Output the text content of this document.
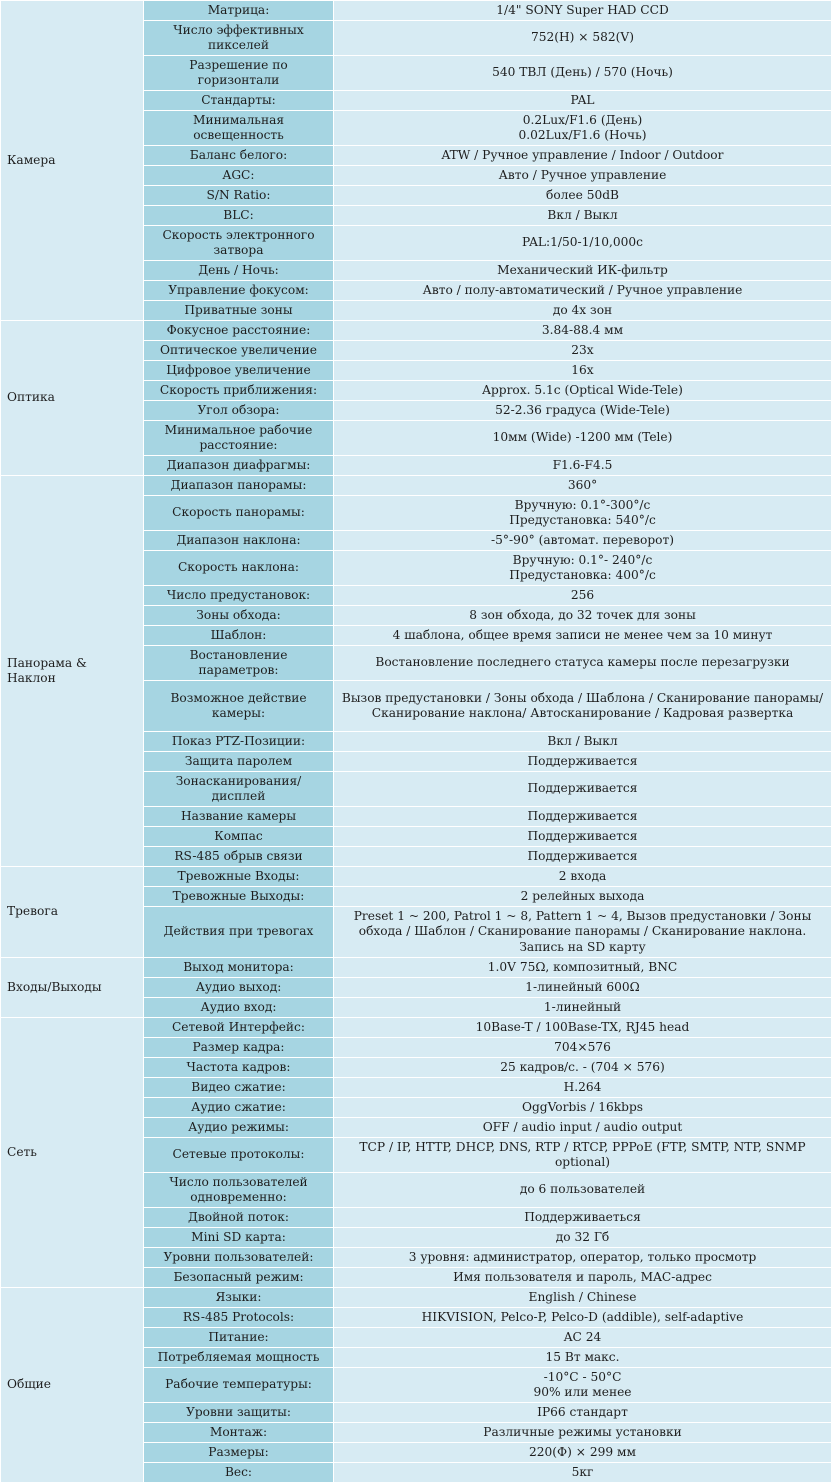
Камера	Матрица:	1/4" SONY Super HAD CCD
	Число эффективных пикселей	752(H) × 582(V)
	Разрешение по горизонтали	540 ТВЛ (День) / 570 (Ночь)
	Стандарты:	PAL
	Минимальная освещенность	0.2Lux/F1.6 (День)
0.02Lux/F1.6 (Ночь)
	Баланс белого:	ATW / Ручное управление / Indoor / Outdoor
	AGC:	Авто / Ручное управление
	S/N Ratio:	более 50dB
	BLC:	Вкл / Выкл
	Скорость электронного затвора	PAL:1/50-1/10,000c
	День / Ночь:	Механический ИК-фильтр
	Управление фокусом:	Авто / полу-автоматический / Ручное управление
	Приватные зоны	до 4х зон
Оптика	Фокусное расстояние:	3.84-88.4 мм
	Оптическое увеличение	23x
	Цифровое увеличение	16x
	Скорость приближения:	Approx. 5.1c (Optical Wide-Tele)
	Угол обзора:	52-2.36 градуса (Wide-Tele)
	Минимальное рабочие расстояние:	10мм (Wide) -1200 мм (Tele)
	Диапазон диафрагмы:	F1.6-F4.5
Панорама & Наклон	Диапазон панорамы:	360°
	Скорость панорамы:	Вручную: 0.1°-300°/c
Предустановка: 540°/c
	Диапазон наклона:	-5°-90° (автомат. переворот)
	Скорость наклона:	Вручную: 0.1°- 240°/c
Предустановка: 400°/c
	Число предустановок:	256
	Зоны обхода:	8 зон обхода, до 32 точек для зоны
	Шаблон:	4 шаблона, общее время записи не менее чем за 10 минут
	Востановление параметров:	Востановление последнего статуса камеры после перезагрузки
	Возможное действие камеры:	Вызов предустановки / Зоны обхода / Шаблона / Сканирование панорамы/ Сканирование наклона/ Автосканирование / Кадровая развертка
	Показ PTZ-Позиции:	Вкл / Выкл
	Защита паролем	Поддерживается
	Зонасканирования/ дисплей	Поддерживается
	Название камеры	Поддерживается
	Компас	Поддерживается
	RS-485 обрыв связи	Поддерживается
Тревога	Тревожные Входы:	2 входа
	Тревожные Выходы:	2 релейных выхода
	Действия при тревогах	Preset 1 ~ 200, Patrol 1 ~ 8, Pattern 1 ~ 4, Вызов предустановки / Зоны обхода / Шаблон / Сканирование панорамы / Сканирование наклона. Запись на SD карту
Входы/Выходы	Выход монитора:	1.0V 75Ω, композитный, BNC
	Аудио выход:	1-линейный 600Ω
	Аудио вход:	1-линейный
Сеть	Сетевой Интерфейс:	10Base-T / 100Base-TX, RJ45 head
	Размер кадра:	704×576
	Частота кадров:	25 кадров/с. - (704 × 576)
	Видео сжатие:	H.264
	Аудио сжатие:	OggVorbis / 16kbps
	Аудио режимы:	OFF / audio input / audio output
	Сетевые протоколы:	TCP / IP, HTTP, DHCP, DNS, RTP / RTCP, PPPoE (FTP, SMTP, NTP, SNMP optional)
	Число пользователей одновременно:	до 6 пользователей
	Двойной поток:	Поддерживаеться
	Mini SD карта:	до 32 Гб
	Уровни пользователей:	3 уровня: администратор, оператор, только просмотр
	Безопасный режим:	Имя пользователя и пароль, MAC-адрес
Общие	Языки:	English / Chinese
	RS-485 Protocols:	HIKVISION, Pelco-P, Pelco-D (addible), self-adaptive
	Питание:	AC 24
	Потребляемая мощность	15 Вт макс.
	Рабочие температуры:	-10°C - 50°C
90% или менее
	Уровни защиты:	IP66 стандарт
	Монтаж:	Различные режимы установки
	Размеры:	220(Ф) × 299 мм
	Вес:	5кг
